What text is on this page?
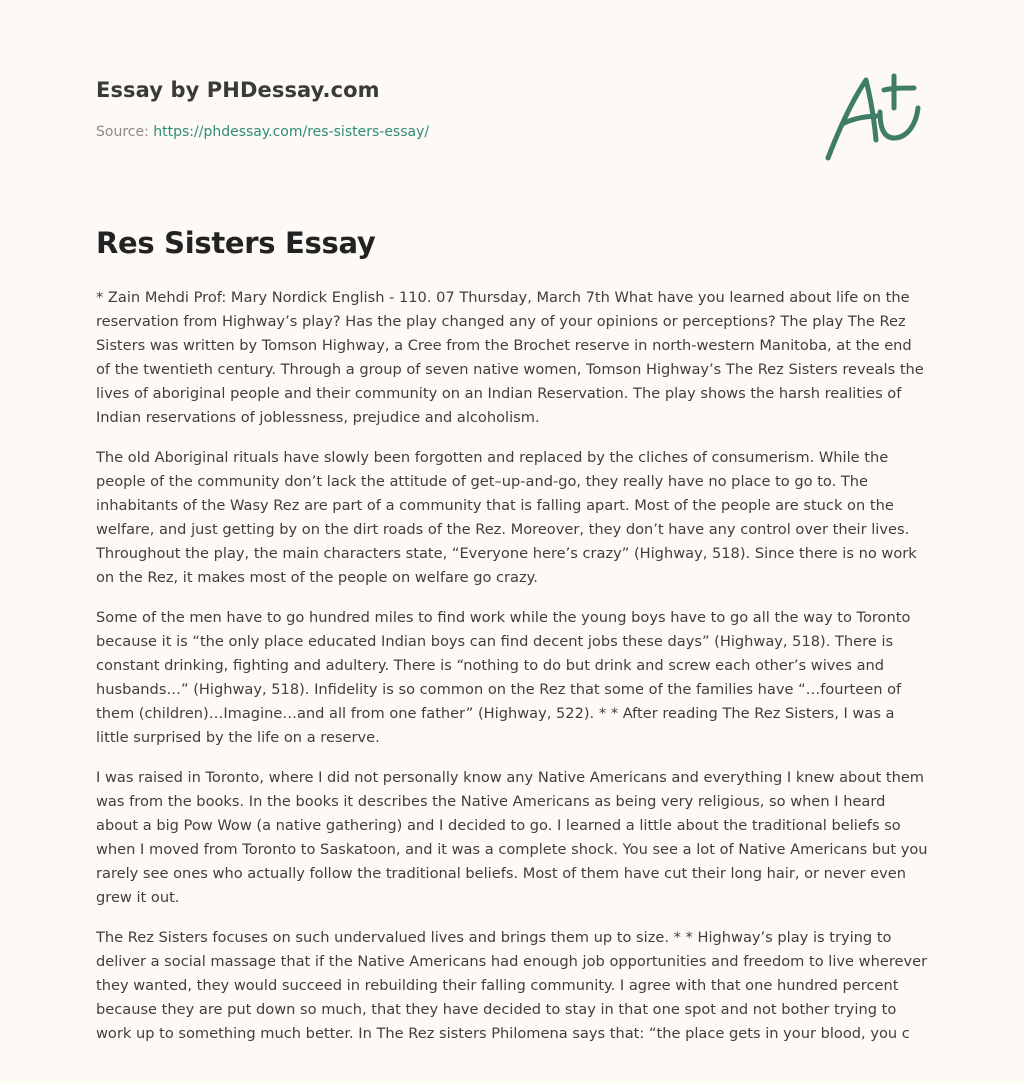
Essay by PHDessay.com
Source: https://phdessay.com/res-sisters-essay/
Res Sisters Essay

* Zain Mehdi Prof: Mary Nordick English - 110. 07 Thursday, March 7th What have you learned about life on the reservation from Highway’s play? Has the play changed any of your opinions or perceptions? The play The Rez Sisters was written by Tomson Highway, a Cree from the Brochet reserve in north-western Manitoba, at the end of the twentieth century. Through a group of seven native women, Tomson Highway’s The Rez Sisters reveals the lives of aboriginal people and their community on an Indian Reservation. The play shows the harsh realities of Indian reservations of joblessness, prejudice and alcoholism.

The old Aboriginal rituals have slowly been forgotten and replaced by the cliches of consumerism. While the people of the community don’t lack the attitude of get–up-and-go, they really have no place to go to. The inhabitants of the Wasy Rez are part of a community that is falling apart. Most of the people are stuck on the welfare, and just getting by on the dirt roads of the Rez. Moreover, they don’t have any control over their lives. Throughout the play, the main characters state, “Everyone here’s crazy” (Highway, 518). Since there is no work on the Rez, it makes most of the people on welfare go crazy.

Some of the men have to go hundred miles to find work while the young boys have to go all the way to Toronto because it is “the only place educated Indian boys can find decent jobs these days” (Highway, 518). There is constant drinking, fighting and adultery. There is “nothing to do but drink and screw each other’s wives and husbands…” (Highway, 518). Infidelity is so common on the Rez that some of the families have “…fourteen of them (children)…Imagine…and all from one father” (Highway, 522). * * After reading The Rez Sisters, I was a little surprised by the life on a reserve.

I was raised in Toronto, where I did not personally know any Native Americans and everything I knew about them was from the books. In the books it describes the Native Americans as being very religious, so when I heard about a big Pow Wow (a native gathering) and I decided to go. I learned a little about the traditional beliefs so when I moved from Toronto to Saskatoon, and it was a complete shock. You see a lot of Native Americans but you rarely see ones who actually follow the traditional beliefs. Most of them have cut their long hair, or never even grew it out.

The Rez Sisters focuses on such undervalued lives and brings them up to size. * * Highway’s play is trying to deliver a social massage that if the Native Americans had enough job opportunities and freedom to live wherever they wanted, they would succeed in rebuilding their falling community. I agree with that one hundred percent because they are put down so much, that they have decided to stay in that one spot and not bother trying to work up to something much better. In The Rez sisters Philomena says that: “the place gets in your blood, you c
